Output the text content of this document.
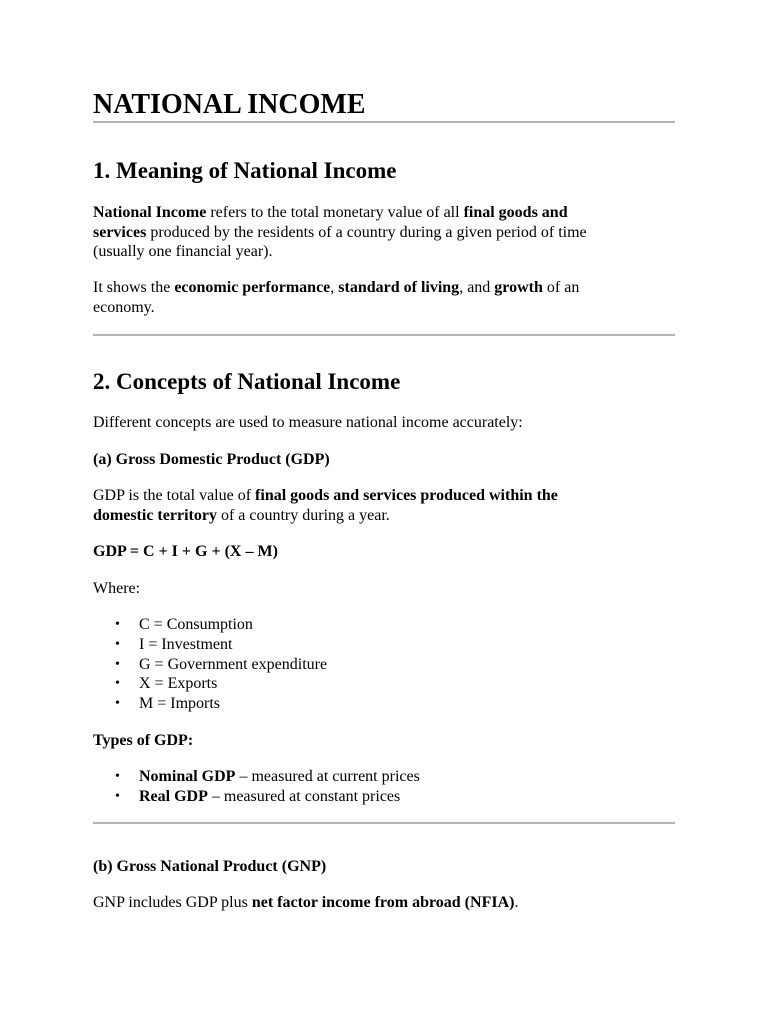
NATIONAL INCOME
1. Meaning of National Income
National Income refers to the total monetary value of all final goods and
services produced by the residents of a country during a given period of time
(usually one financial year).
It shows the economic performance, standard of living, and growth of an
economy.
2. Concepts of National Income
Different concepts are used to measure national income accurately:
(a) Gross Domestic Product (GDP)
GDP is the total value of final goods and services produced within the
domestic territory of a country during a year.
GDP = C + I + G + (X – M)
Where:
• C = Consumption
• I = Investment
• G = Government expenditure
• X = Exports
• M = Imports
Types of GDP:
• Nominal GDP – measured at current prices
• Real GDP – measured at constant prices
(b) Gross National Product (GNP)
GNP includes GDP plus net factor income from abroad (NFIA).
